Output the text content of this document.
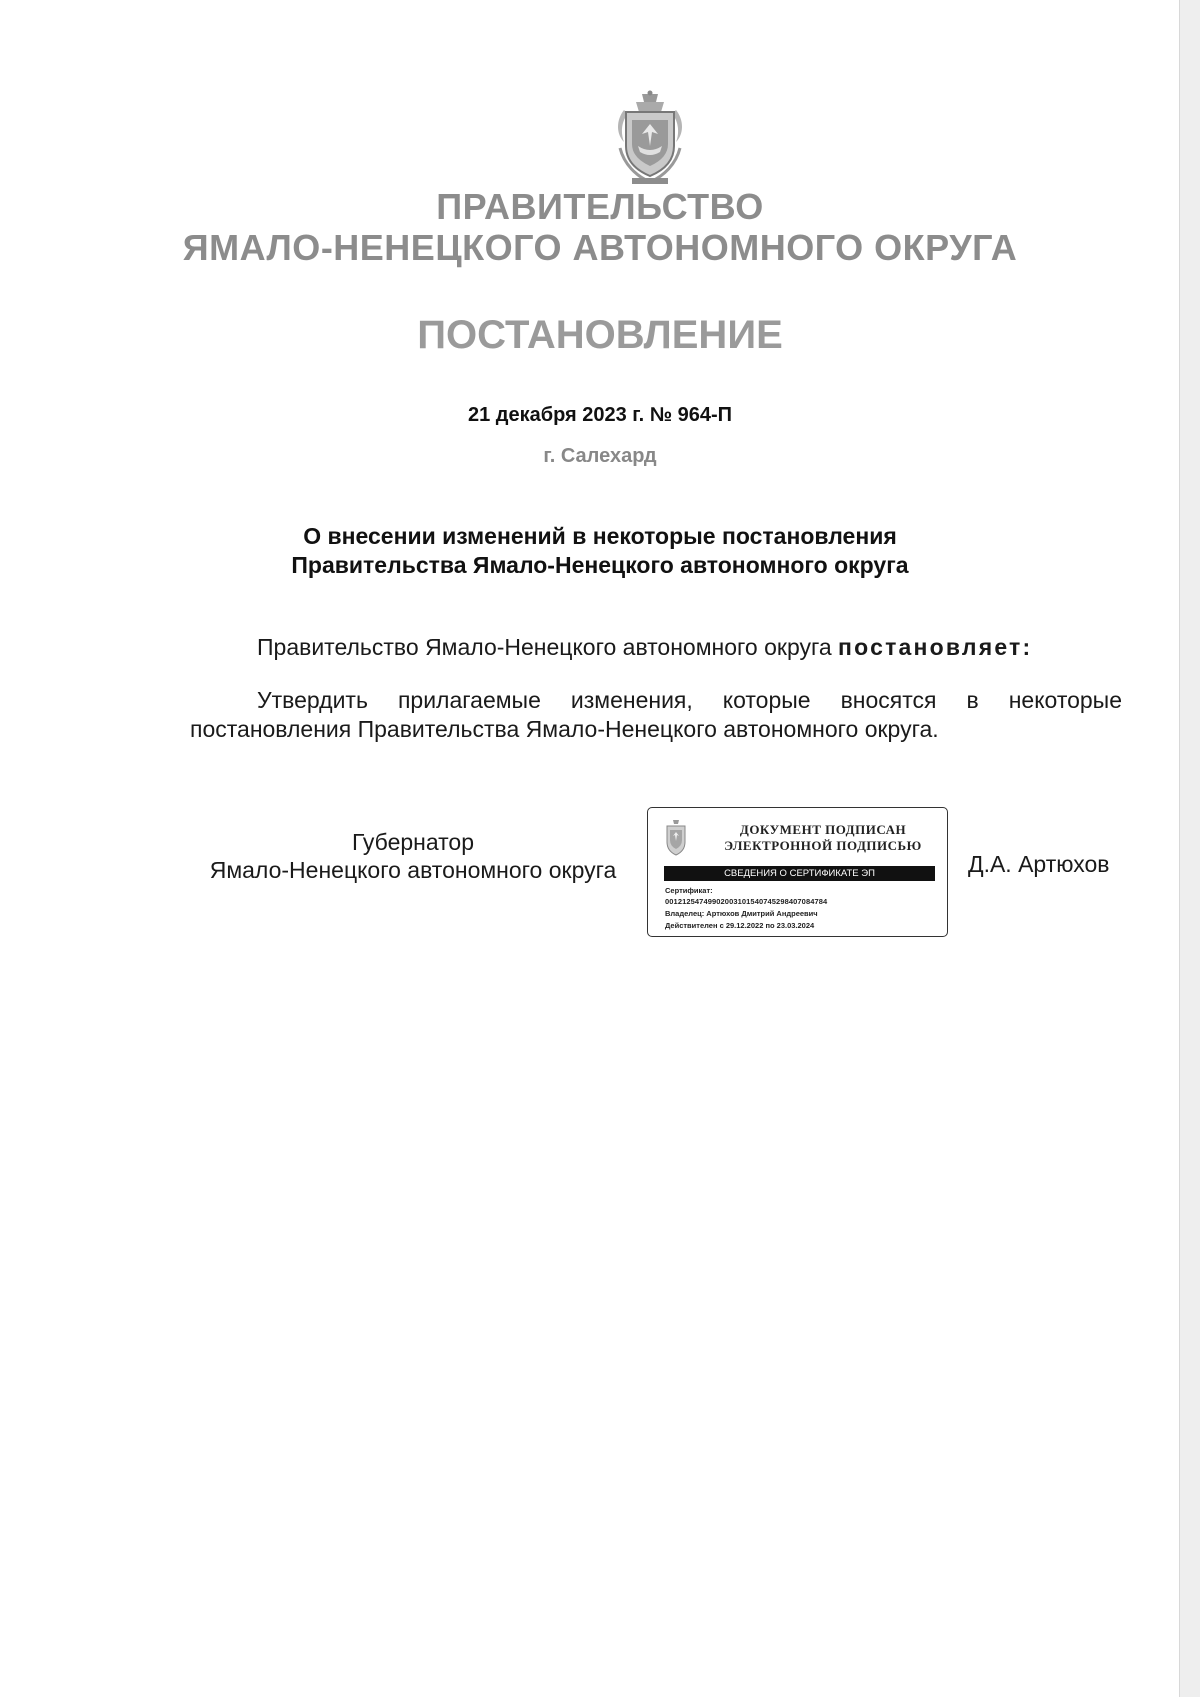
ПРАВИТЕЛЬСТВО
ЯМАЛО-НЕНЕЦКОГО АВТОНОМНОГО ОКРУГА
ПОСТАНОВЛЕНИЕ
21 декабря 2023 г. № 964-П
г. Салехард
О внесении изменений в некоторые постановления
Правительства Ямало-Ненецкого автономного округа
Правительство Ямало-Ненецкого автономного округа постановляет:
Утвердить прилагаемые изменения, которые вносятся в некоторые постановления Правительства Ямало-Ненецкого автономного округа.
Губернатор
Ямало-Ненецкого автономного округа
ДОКУМЕНТ ПОДПИСАН
ЭЛЕКТРОННОЙ ПОДПИСЬЮ
СВЕДЕНИЯ О СЕРТИФИКАТЕ ЭП
Сертификат:
00121254749902003101540745298407084784
Владелец: Артюхов Дмитрий Андреевич
Действителен с 29.12.2022 по 23.03.2024
Д.А. Артюхов
